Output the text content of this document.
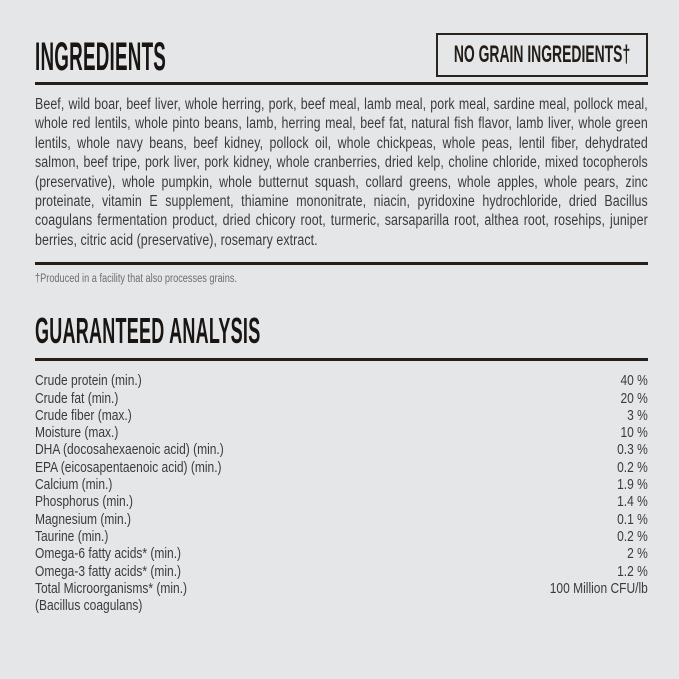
INGREDIENTS	NO GRAIN INGREDIENTS†

Beef, wild boar, beef liver, whole herring, pork, beef meal, lamb meal, pork meal, sardine meal, pollock meal, whole red lentils, whole pinto beans, lamb, herring meal, beef fat, natural fish flavor, lamb liver, whole green lentils, whole navy beans, beef kidney, pollock oil, whole chickpeas, whole peas, lentil fiber, dehydrated salmon, beef tripe, pork liver, pork kidney, whole cranberries, dried kelp, choline chloride, mixed tocopherols (preservative), whole pumpkin, whole butternut squash, collard greens, whole apples, whole pears, zinc proteinate, vitamin E supplement, thiamine mononitrate, niacin, pyridoxine hydrochloride, dried Bacillus coagulans fermentation product, dried chicory root, turmeric, sarsaparilla root, althea root, rosehips, juniper berries, citric acid (preservative), rosemary extract.

†Produced in a facility that also processes grains.

GUARANTEED ANALYSIS
Crude protein (min.)	40 %
Crude fat (min.)	20 %
Crude fiber (max.)	3 %
Moisture (max.)	10 %
DHA (docosahexaenoic acid) (min.)	0.3 %
EPA (eicosapentaenoic acid) (min.)	0.2 %
Calcium (min.)	1.9 %
Phosphorus (min.)	1.4 %
Magnesium (min.)	0.1 %
Taurine (min.)	0.2 %
Omega-6 fatty acids* (min.)	2 %
Omega-3 fatty acids* (min.)	1.2 %
Total Microorganisms* (min.)	100 Million CFU/lb
(Bacillus coagulans)	
